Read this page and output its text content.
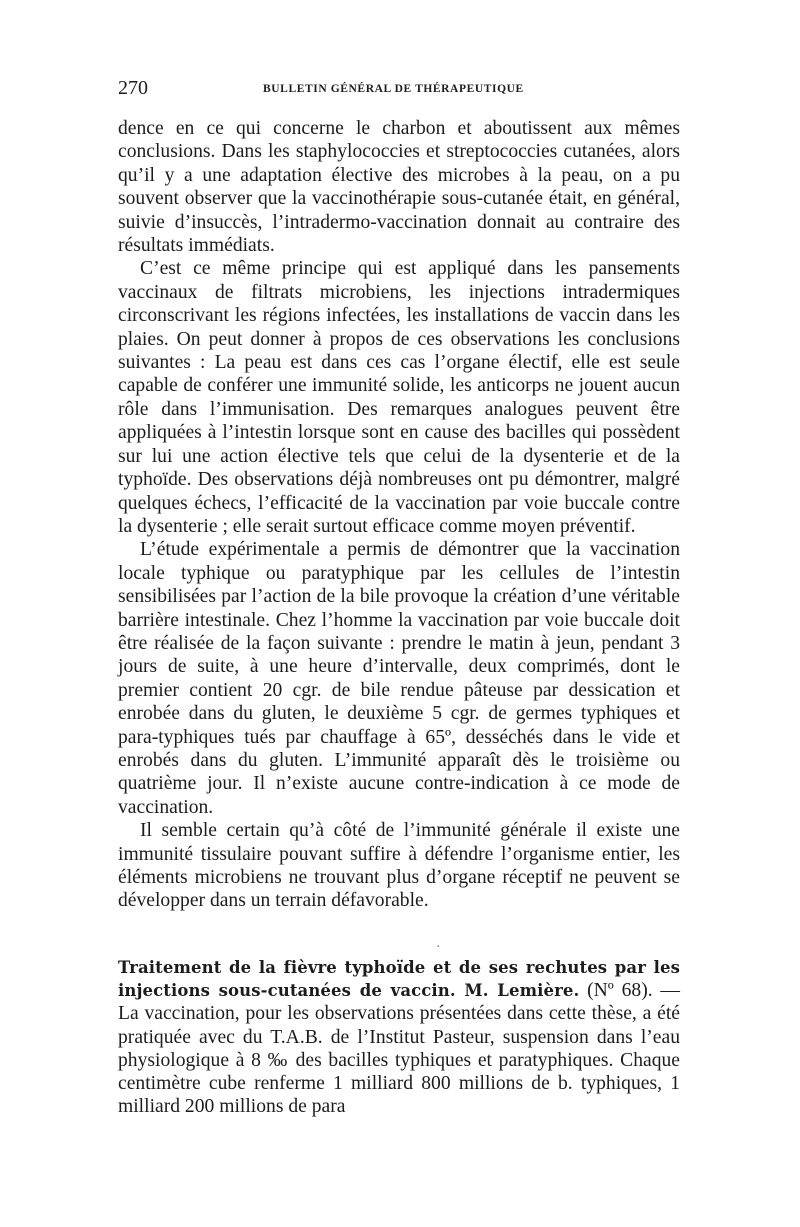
270	BULLETIN GÉNÉRAL DE THÉRAPEUTIQUE

dence en ce qui concerne le charbon et aboutissent aux mêmes conclusions. Dans les staphylococcies et streptococcies cutanées, alors qu’il y a une adaptation élective des microbes à la peau, on a pu souvent observer que la vaccinothérapie sous-cutanée était, en général, suivie d’insuccès, l’intradermo-vaccination donnait au contraire des résultats immédiats.

C’est ce même principe qui est appliqué dans les pansements vaccinaux de filtrats microbiens, les injections intradermiques circonscrivant les régions infectées, les installations de vaccin dans les plaies. On peut donner à propos de ces observations les conclusions suivantes : La peau est dans ces cas l’organe électif, elle est seule capable de conférer une immunité solide, les anticorps ne jouent aucun rôle dans l’immunisation. Des remarques analogues peuvent être appliquées à l’intestin lorsque sont en cause des bacilles qui possèdent sur lui une action élective tels que celui de la dysenterie et de la typhoïde. Des observations déjà nombreuses ont pu démontrer, malgré quelques échecs, l’efficacité de la vaccination par voie buccale contre la dysenterie ; elle serait surtout efficace comme moyen préventif.

L’étude expérimentale a permis de démontrer que la vaccination locale typhique ou paratyphique par les cellules de l’intestin sensibilisées par l’action de la bile provoque la création d’une véritable barrière intestinale. Chez l’homme la vaccination par voie buccale doit être réalisée de la façon suivante : prendre le matin à jeun, pendant 3 jours de suite, à une heure d’intervalle, deux comprimés, dont le premier contient 20 cgr. de bile rendue pâteuse par dessication et enrobée dans du gluten, le deuxième 5 cgr. de germes typhiques et para-typhiques tués par chauffage à 65º, desséchés dans le vide et enrobés dans du gluten. L’immunité apparaît dès le troisième ou quatrième jour. Il n’existe aucune contre-indication à ce mode de vaccination.

Il semble certain qu’à côté de l’immunité générale il existe une immunité tissulaire pouvant suffire à défendre l’organisme entier, les éléments microbiens ne trouvant plus d’organe réceptif ne peuvent se développer dans un terrain défavorable.

·

Traitement de la fièvre typhoïde et de ses rechutes par les injections sous-cutanées de vaccin. M. Lemière. (Nº 68). — La vaccination, pour les observations présentées dans cette thèse, a été pratiquée avec du T.A.B. de l’Institut Pasteur, suspension dans l’eau physiologique à 8 ‰ des bacilles typhiques et paratyphiques. Chaque centimètre cube renferme 1 milliard 800 millions de b. typhiques, 1 milliard 200 millions de para
